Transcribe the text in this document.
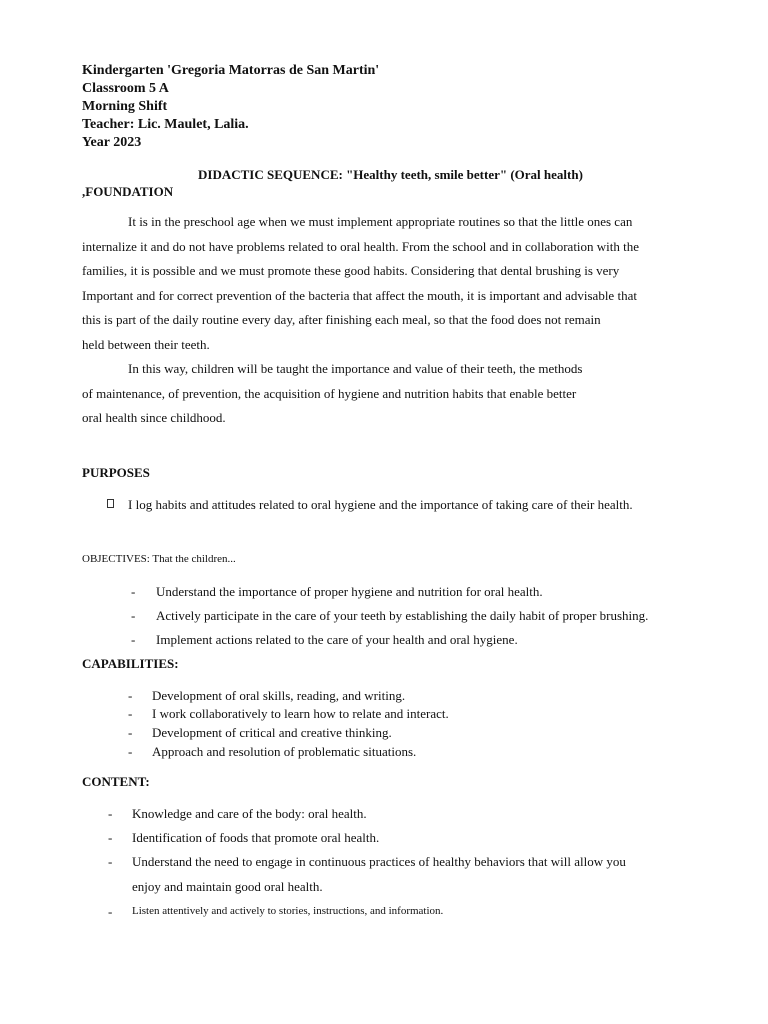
Kindergarten 'Gregoria Matorras de San Martin'
Classroom 5 A
Morning Shift
Teacher: Lic. Maulet, Lalia.
Year 2023
DIDACTIC SEQUENCE: "Healthy teeth, smile better" (Oral health)
,FOUNDATION
It is in the preschool age when we must implement appropriate routines so that the little ones can
internalize it and do not have problems related to oral health. From the school and in collaboration with the
families, it is possible and we must promote these good habits. Considering that dental brushing is very
Important and for correct prevention of the bacteria that affect the mouth, it is important and advisable that
this is part of the daily routine every day, after finishing each meal, so that the food does not remain
held between their teeth.
In this way, children will be taught the importance and value of their teeth, the methods
of maintenance, of prevention, the acquisition of hygiene and nutrition habits that enable better
oral health since childhood.
PURPOSES
I log habits and attitudes related to oral hygiene and the importance of taking care of their health.
OBJECTIVES: That the children...
- Understand the importance of proper hygiene and nutrition for oral health.
- Actively participate in the care of your teeth by establishing the daily habit of proper brushing.
- Implement actions related to the care of your health and oral hygiene.
CAPABILITIES:
- Development of oral skills, reading, and writing.
- I work collaboratively to learn how to relate and interact.
- Development of critical and creative thinking.
- Approach and resolution of problematic situations.
CONTENT:
- Knowledge and care of the body: oral health.
- Identification of foods that promote oral health.
- Understand the need to engage in continuous practices of healthy behaviors that will allow you
enjoy and maintain good oral health.
- Listen attentively and actively to stories, instructions, and information.
